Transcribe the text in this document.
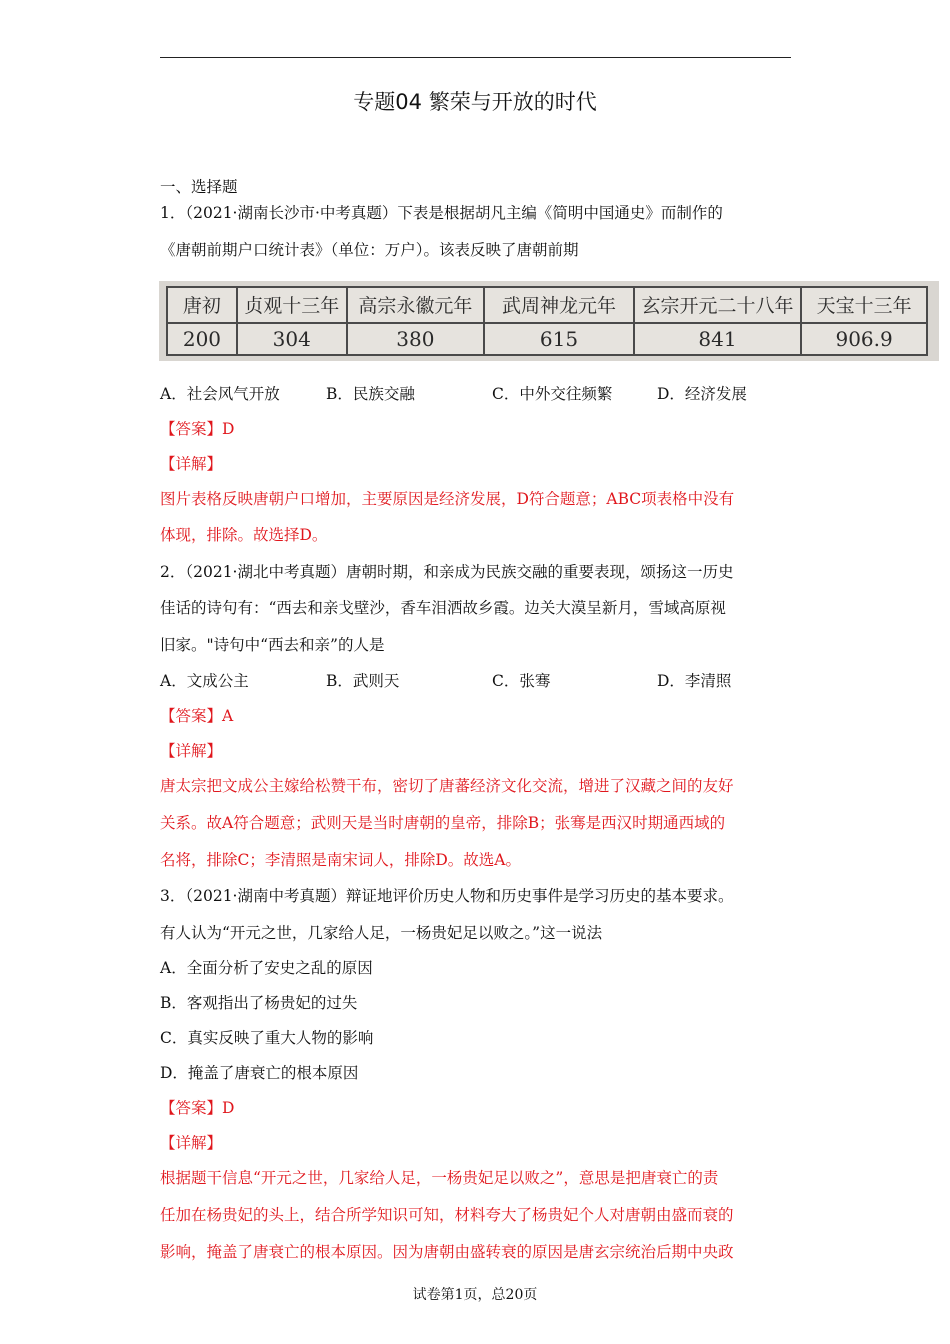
专题04 繁荣与开放的时代
一、选择题
1．（2021·湖南长沙市·中考真题）下表是根据胡凡主编《简明中国通史》而制作的
《唐朝前期户口统计表》（单位：万户）。该表反映了唐朝前期
唐初	贞观十三年	高宗永徽元年	武周神龙元年	玄宗开元二十八年	天宝十三年
200	304	380	615	841	906.9
A．社会风气开放	B．民族交融	C．中外交往频繁	D．经济发展
【答案】D
【详解】
图片表格反映唐朝户口增加，主要原因是经济发展，D符合题意；ABC项表格中没有
体现，排除。故选择D。
2．（2021·湖北中考真题）唐朝时期，和亲成为民族交融的重要表现，颂扬这一历史
佳话的诗句有：“西去和亲戈壁沙，香车泪洒故乡霞。边关大漠呈新月，雪域高原视
旧家。"诗句中“西去和亲”的人是
A．文成公主	B．武则天	C．张骞	D．李清照
【答案】A
【详解】
唐太宗把文成公主嫁给松赞干布，密切了唐蕃经济文化交流，增进了汉藏之间的友好
关系。故A符合题意；武则天是当时唐朝的皇帝，排除B；张骞是西汉时期通西域的
名将，排除C；李清照是南宋词人，排除D。故选A。
3．（2021·湖南中考真题）辩证地评价历史人物和历史事件是学习历史的基本要求。
有人认为“开元之世，几家给人足，一杨贵妃足以败之。”这一说法
A．全面分析了安史之乱的原因
B．客观指出了杨贵妃的过失
C．真实反映了重大人物的影响
D．掩盖了唐衰亡的根本原因
【答案】D
【详解】
根据题干信息“开元之世，几家给人足，一杨贵妃足以败之”，意思是把唐衰亡的责
任加在杨贵妃的头上，结合所学知识可知，材料夸大了杨贵妃个人对唐朝由盛而衰的
影响，掩盖了唐衰亡的根本原因。因为唐朝由盛转衰的原因是唐玄宗统治后期中央政
试卷第1页，总20页
